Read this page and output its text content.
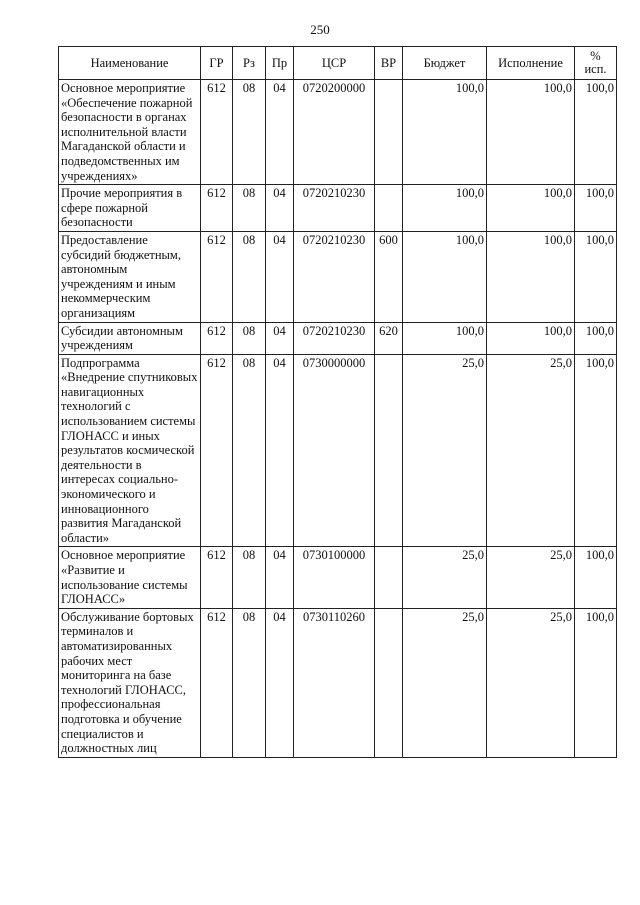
250
Наименование	ГР	Рз	Пр	ЦСР	ВР	Бюджет	Исполнение	%
исп.

Основное мероприятие «Обеспечение пожарной безопасности в органах исполнительной власти Магаданской области и подведомственных им учреждениях»	612	08	04	0720200000		100,0	100,0	100,0
Прочие мероприятия в сфере пожарной безопасности	612	08	04	0720210230		100,0	100,0	100,0
Предоставление субсидий бюджетным, автономным учреждениям и иным некоммерческим организациям	612	08	04	0720210230	600	100,0	100,0	100,0
Субсидии автономным учреждениям	612	08	04	0720210230	620	100,0	100,0	100,0
Подпрограмма «Внедрение спутниковых навигационных технологий с использованием системы ГЛОНАСС и иных результатов космической деятельности в интересах социально-экономического и инновационного развития Магаданской области»	612	08	04	0730000000		25,0	25,0	100,0
Основное мероприятие «Развитие и использование системы ГЛОНАСС»	612	08	04	0730100000		25,0	25,0	100,0
Обслуживание бортовых терминалов и автоматизированных рабочих мест мониторинга на базе технологий ГЛОНАСС, профессиональная подготовка и обучение специалистов и должностных лиц	612	08	04	0730110260		25,0	25,0	100,0
